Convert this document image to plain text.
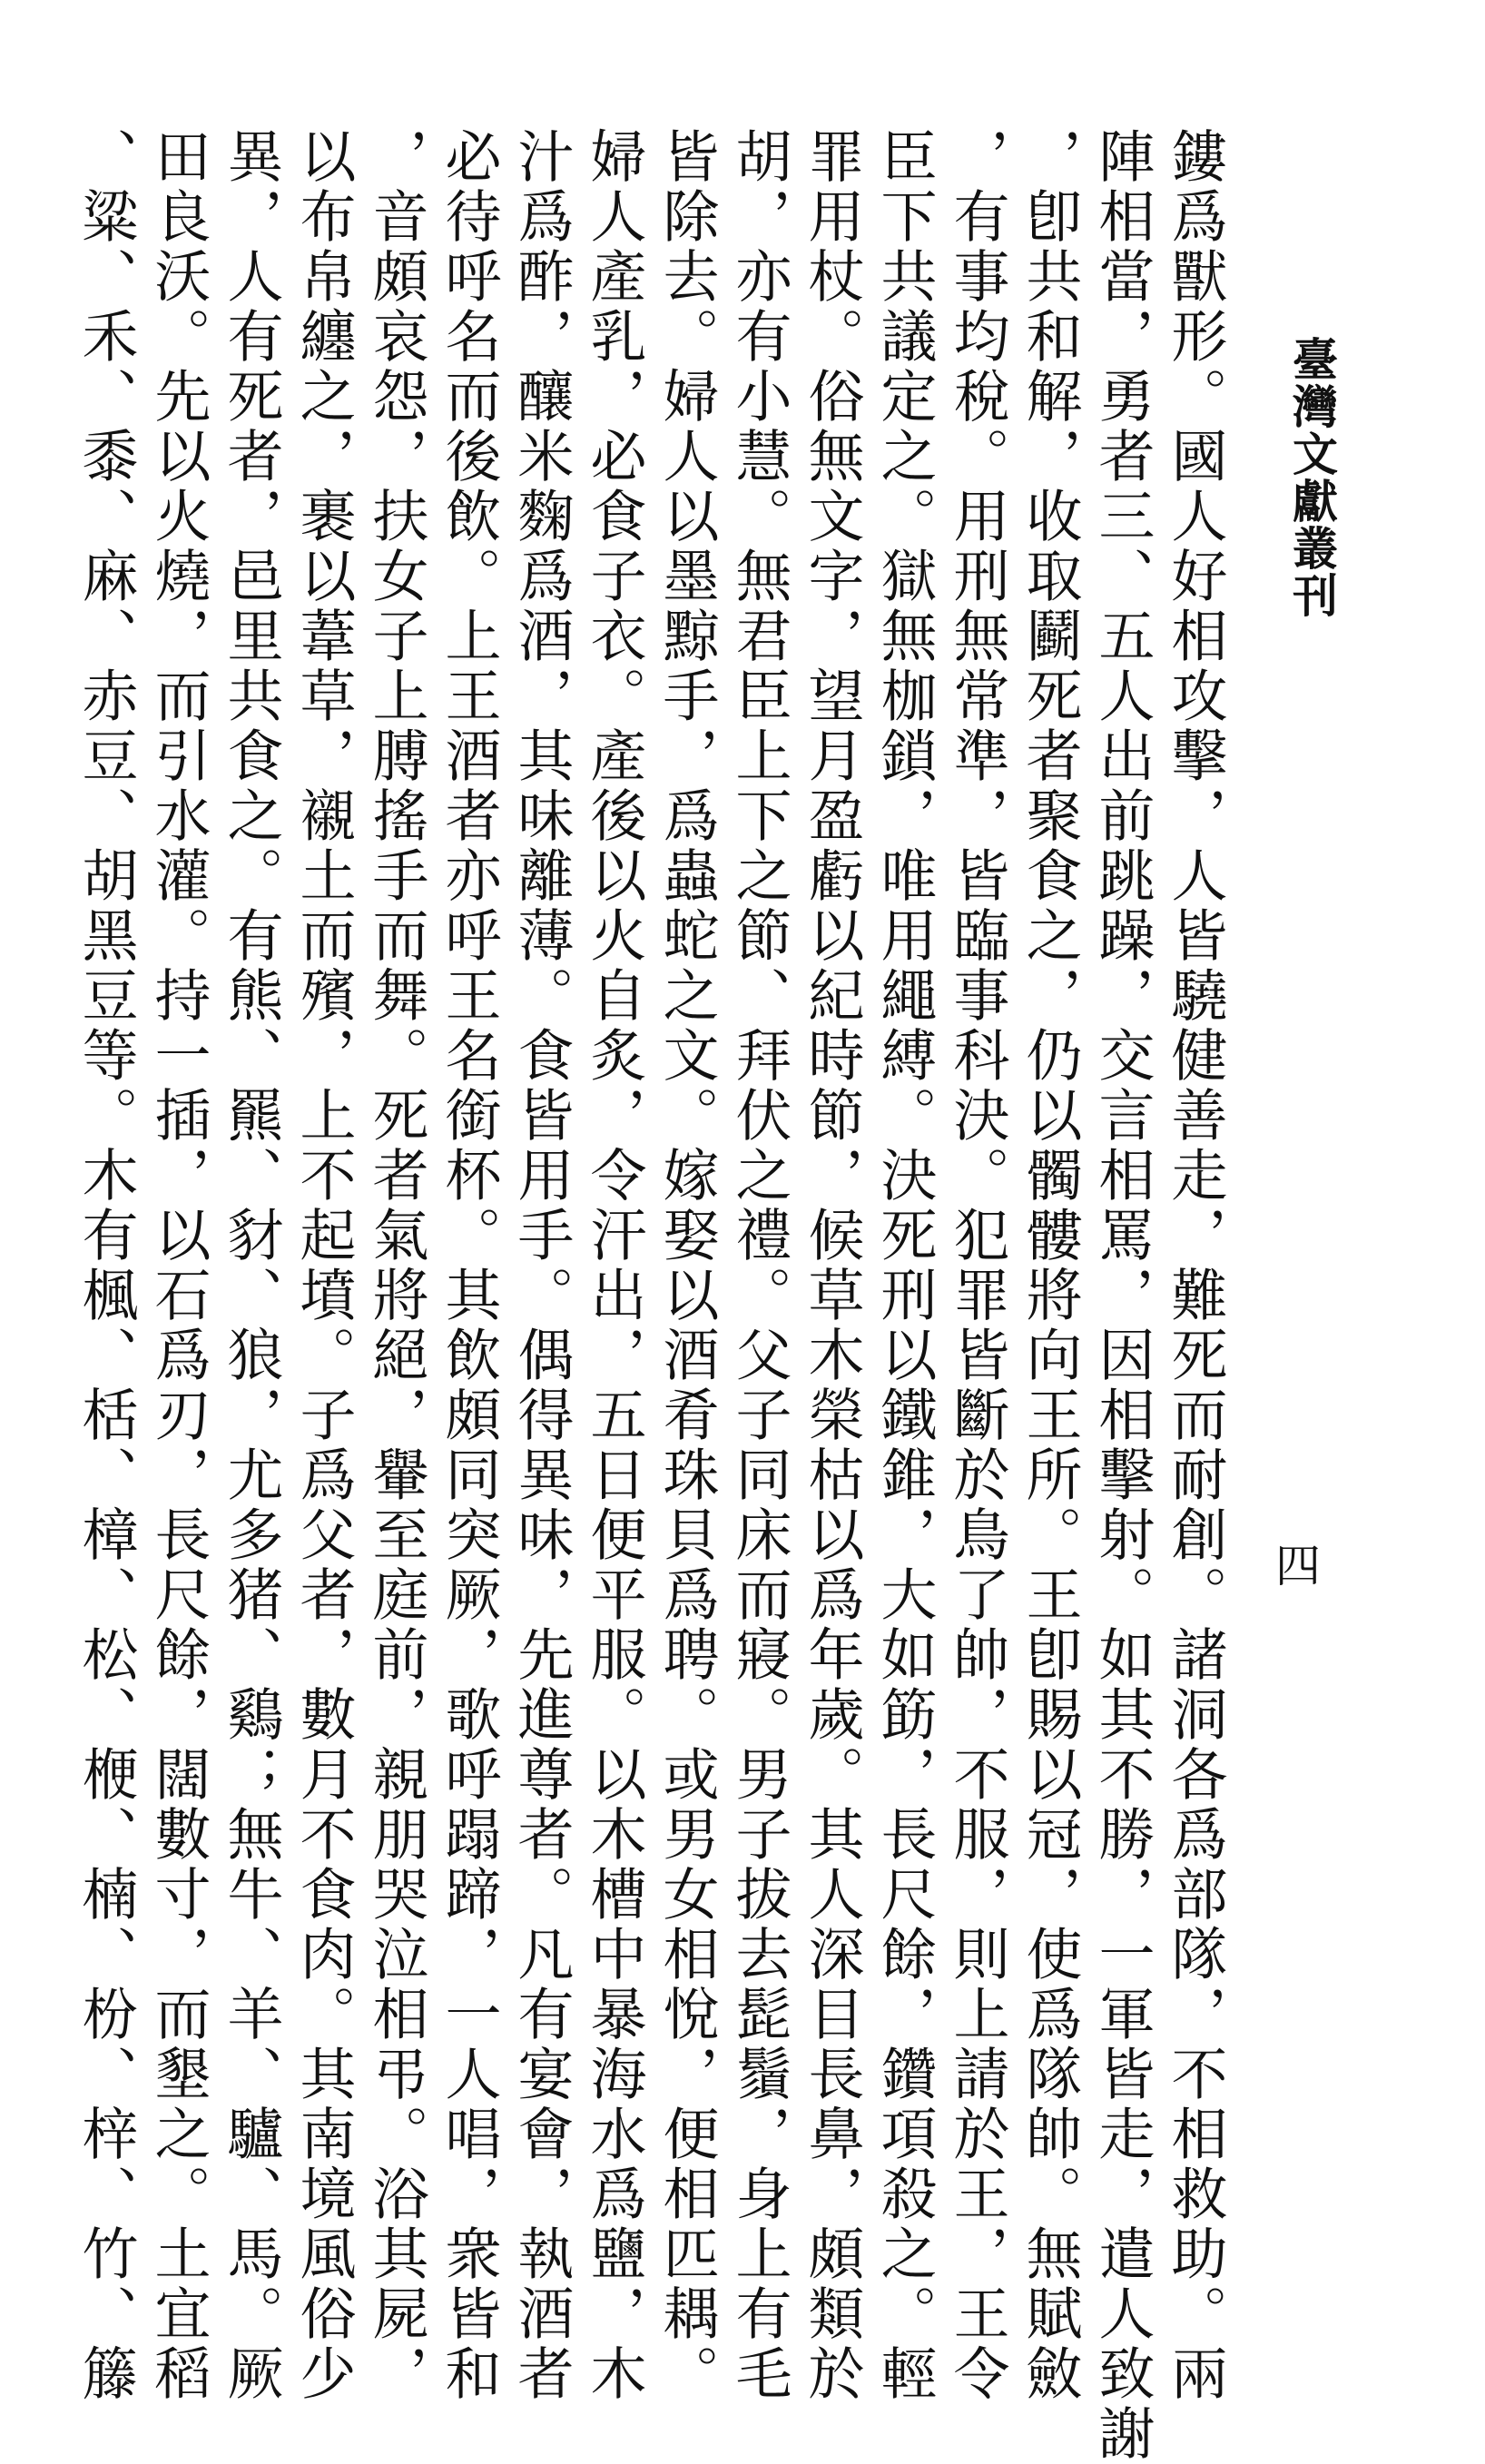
臺灣文獻叢刊
四
鏤爲獸形。國人好相攻擊，人皆驍健善走，難死而耐創。諸洞各爲部隊，不相救助。兩
陣相當，勇者三、五人出前跳躁，交言相罵，因相擊射。如其不勝，一軍皆走，遣人致謝
，卽共和解，收取鬬死者聚食之，仍以髑髏將向王所。王卽賜以冠，使爲隊帥。無賦斂
，有事均稅。用刑無常準，皆臨事科決。犯罪皆斷於鳥了帥，不服，則上請於王，王令
臣下共議定之。獄無枷鎖，唯用繩縛。決死刑以鐵錐，大如筯，長尺餘，鑽項殺之。輕
罪用杖。俗無文字，望月盈虧以紀時節，候草木榮枯以爲年歲。其人深目長鼻，頗類於
胡，亦有小慧。無君臣上下之節、拜伏之禮。父子同床而寢。男子拔去髭鬚，身上有毛
皆除去。婦人以墨黥手，爲蟲蛇之文。嫁娶以酒肴珠貝爲聘。或男女相悅，便相匹耦。
婦人產乳，必食子衣。產後以火自炙，令汗出，五日便平服。以木槽中暴海水爲鹽，木
汁爲酢，釀米麴爲酒，其味離薄。食皆用手。偶得異味，先進尊者。凡有宴會，執酒者
必待呼名而後飲。上王酒者亦呼王名銜杯。其飲頗同突厥，歌呼蹋蹄，一人唱，衆皆和
，音頗哀怨，扶女子上膊搖手而舞。死者氣將絕，轝至庭前，親朋哭泣相弔。浴其屍，
以布帛纏之，裹以葦草，襯土而殯，上不起墳。子爲父者，數月不食肉。其南境風俗少
異，人有死者，邑里共食之。有熊、羆、豺、狼，尤多猪、鷄；無牛、羊、驢、馬。厥
田良沃。先以火燒，而引水灌。持一插，以石爲刃，長尺餘，闊數寸，而墾之。土宜稻
、粱、禾、黍、麻、赤豆、胡黑豆等。木有楓、栝、樟、松、楩、楠、枌、梓、竹、籐
